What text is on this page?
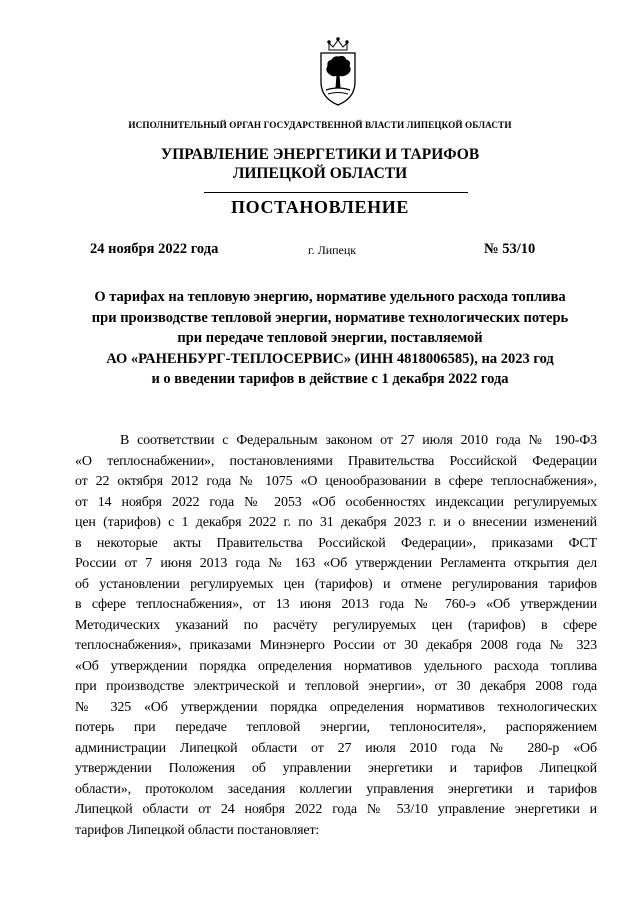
ИСПОЛНИТЕЛЬНЫЙ ОРГАН ГОСУДАРСТВЕННОЙ ВЛАСТИ ЛИПЕЦКОЙ ОБЛАСТИ
УПРАВЛЕНИЕ ЭНЕРГЕТИКИ И ТАРИФОВ
ЛИПЕЦКОЙ ОБЛАСТИ
ПОСТАНОВЛЕНИЕ
24 ноября 2022 года	г. Липецк	№ 53/10
О тарифах на тепловую энергию, нормативе удельного расхода топлива
при производстве тепловой энергии, нормативе технологических потерь
при передаче тепловой энергии, поставляемой
АО «РАНЕНБУРГ-ТЕПЛОСЕРВИС» (ИНН 4818006585), на 2023 год
и о введении тарифов в действие с 1 декабря 2022 года
В соответствии с Федеральным законом от 27 июля 2010 года № 190-ФЗ
«О теплоснабжении», постановлениями Правительства Российской Федерации
от 22 октября 2012 года № 1075 «О ценообразовании в сфере теплоснабжения»,
от 14 ноября 2022 года № 2053 «Об особенностях индексации регулируемых
цен (тарифов) с 1 декабря 2022 г. по 31 декабря 2023 г. и о внесении изменений
в некоторые акты Правительства Российской Федерации», приказами ФСТ
России от 7 июня 2013 года № 163 «Об утверждении Регламента открытия дел
об установлении регулируемых цен (тарифов) и отмене регулирования тарифов
в сфере теплоснабжения», от 13 июня 2013 года № 760-э «Об утверждении
Методических указаний по расчёту регулируемых цен (тарифов) в сфере
теплоснабжения», приказами Минэнерго России от 30 декабря 2008 года № 323
«Об утверждении порядка определения нормативов удельного расхода топлива
при производстве электрической и тепловой энергии», от 30 декабря 2008 года
№ 325 «Об утверждении порядка определения нормативов технологических
потерь при передаче тепловой энергии, теплоносителя», распоряжением
администрации Липецкой области от 27 июля 2010 года № 280-р «Об
утверждении Положения об управлении энергетики и тарифов Липецкой
области», протоколом заседания коллегии управления энергетики и тарифов
Липецкой области от 24 ноября 2022 года № 53/10 управление энергетики и
тарифов Липецкой области постановляет:
